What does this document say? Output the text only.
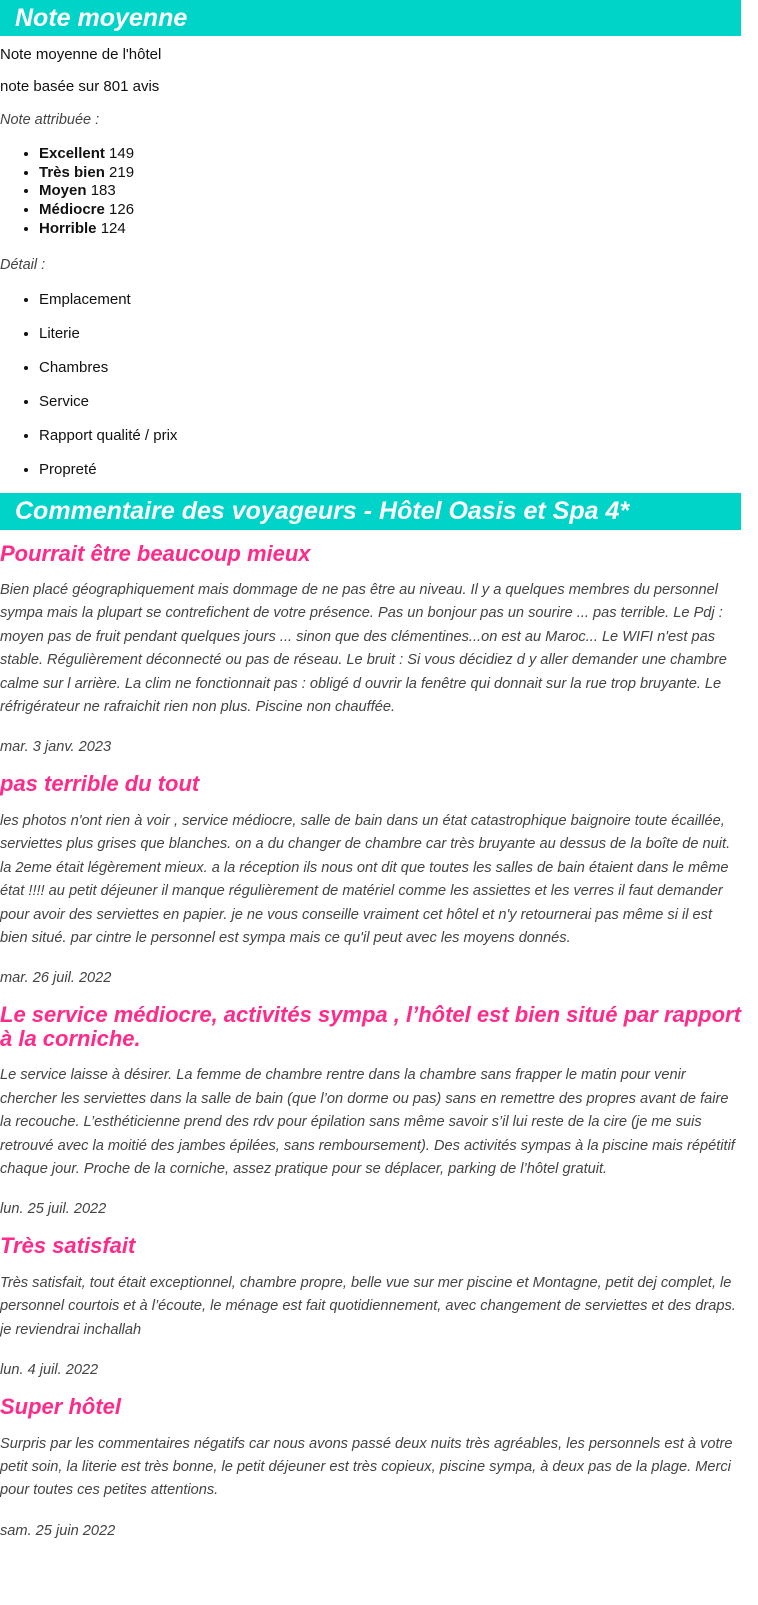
Note moyenne

Note moyenne de l'hôtel

note basée sur 801 avis

Note attribuée :

• Excellent 149
• Très bien 219
• Moyen 183
• Médiocre 126
• Horrible 124

Détail :

• Emplacement
• Literie
• Chambres
• Service
• Rapport qualité / prix
• Propreté
Commentaire des voyageurs - Hôtel Oasis et Spa 4*
Pourrait être beaucoup mieux

Bien placé géographiquement mais dommage de ne pas être au niveau. Il y a quelques membres du personnel sympa mais la plupart se contrefichent de votre présence. Pas un bonjour pas un sourire ... pas terrible. Le Pdj : moyen pas de fruit pendant quelques jours ... sinon que des clémentines...on est au Maroc... Le WIFI n'est pas stable. Régulièrement déconnecté ou pas de réseau. Le bruit : Si vous décidiez d y aller demander une chambre calme sur l arrière. La clim ne fonctionnait pas : obligé d ouvrir la fenêtre qui donnait sur la rue trop bruyante. Le réfrigérateur ne rafraichit rien non plus. Piscine non chauffée.

mar. 3 janv. 2023

pas terrible du tout

les photos n'ont rien à voir , service médiocre, salle de bain dans un état catastrophique baignoire toute écaillée, serviettes plus grises que blanches. on a du changer de chambre car très bruyante au dessus de la boîte de nuit. la 2eme était légèrement mieux. a la réception ils nous ont dit que toutes les salles de bain étaient dans le même état !!!! au petit déjeuner il manque régulièrement de matériel comme les assiettes et les verres il faut demander pour avoir des serviettes en papier. je ne vous conseille vraiment cet hôtel et n'y retournerai pas même si il est bien situé. par cintre le personnel est sympa mais ce qu'il peut avec les moyens donnés.

mar. 26 juil. 2022

Le service médiocre, activités sympa , l’hôtel est bien situé par rapport à la corniche.

Le service laisse à désirer. La femme de chambre rentre dans la chambre sans frapper le matin pour venir chercher les serviettes dans la salle de bain (que l’on dorme ou pas) sans en remettre des propres avant de faire la recouche. L’esthéticienne prend des rdv pour épilation sans même savoir s’il lui reste de la cire (je me suis retrouvé avec la moitié des jambes épilées, sans remboursement). Des activités sympas à la piscine mais répétitif chaque jour. Proche de la corniche, assez pratique pour se déplacer, parking de l’hôtel gratuit.

lun. 25 juil. 2022

Très satisfait

Très satisfait, tout était exceptionnel, chambre propre, belle vue sur mer piscine et Montagne, petit dej complet, le personnel courtois et à l’écoute, le ménage est fait quotidiennement, avec changement de serviettes et des draps. je reviendrai inchallah

lun. 4 juil. 2022

Super hôtel

Surpris par les commentaires négatifs car nous avons passé deux nuits très agréables, les personnels est à votre petit soin, la literie est très bonne, le petit déjeuner est très copieux, piscine sympa, à deux pas de la plage. Merci pour toutes ces petites attentions.

sam. 25 juin 2022
